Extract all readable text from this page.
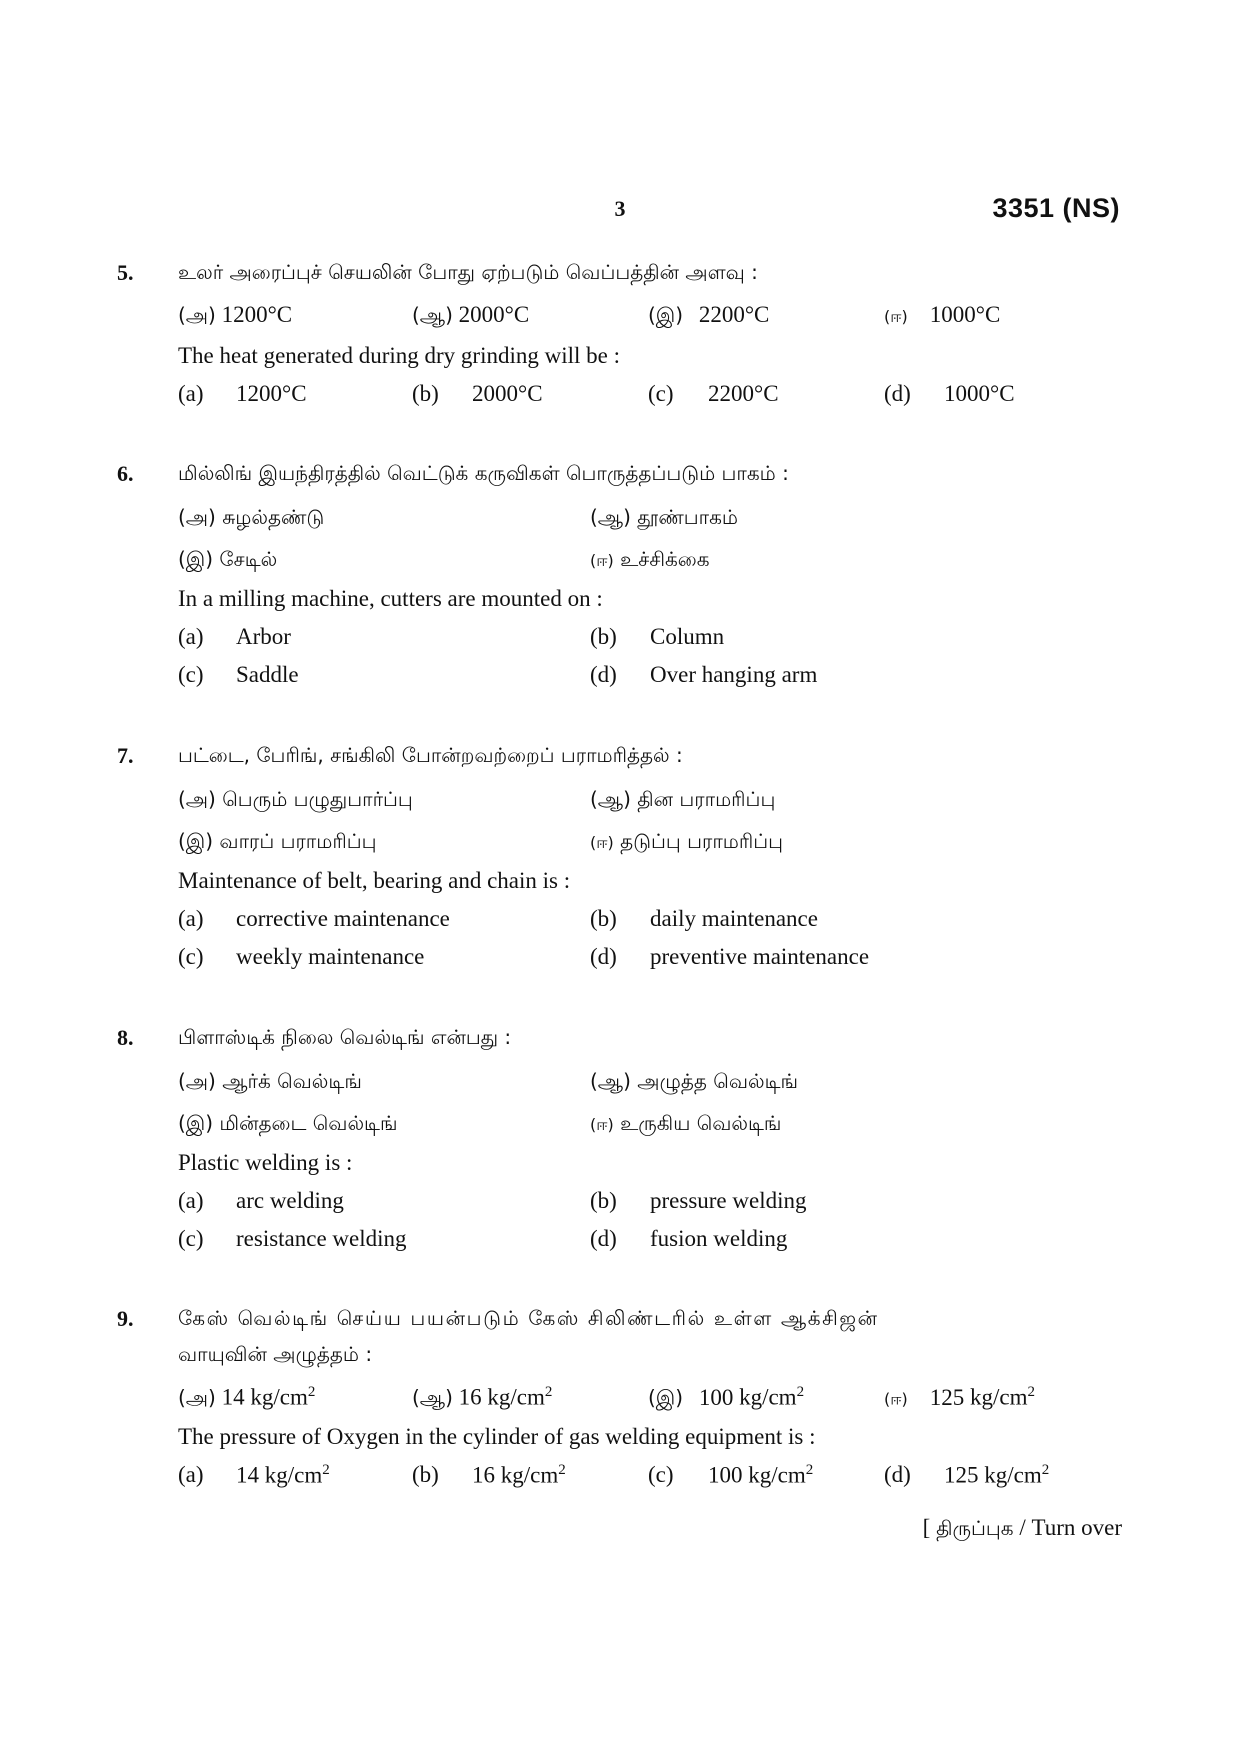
3	3351 (NS)
5. உலர் அரைப்புச் செயலின் போது ஏற்படும் வெப்பத்தின் அளவு :
(அ) 1200°C	(ஆ) 2000°C	(இ) 2200°C	(ஈ) 1000°C
The heat generated during dry grinding will be :
(a) 1200°C	(b) 2000°C	(c) 2200°C	(d) 1000°C
6. மில்லிங் இயந்திரத்தில் வெட்டுக் கருவிகள் பொருத்தப்படும் பாகம் :
(அ) சுழல்தண்டு	(ஆ) தூண்பாகம்
(இ) சேடில்	(ஈ) உச்சிக்கை
In a milling machine, cutters are mounted on :
(a) Arbor	(b) Column
(c) Saddle	(d) Over hanging arm
7. பட்டை, பேரிங், சங்கிலி போன்றவற்றைப் பராமரித்தல் :
(அ) பெரும் பழுதுபார்ப்பு	(ஆ) தின பராமரிப்பு
(இ) வாரப் பராமரிப்பு	(ஈ) தடுப்பு பராமரிப்பு
Maintenance of belt, bearing and chain is :
(a) corrective maintenance	(b) daily maintenance
(c) weekly maintenance	(d) preventive maintenance
8. பிளாஸ்டிக் நிலை வெல்டிங் என்பது :
(அ) ஆர்க் வெல்டிங்	(ஆ) அழுத்த வெல்டிங்
(இ) மின்தடை வெல்டிங்	(ஈ) உருகிய வெல்டிங்
Plastic welding is :
(a) arc welding	(b) pressure welding
(c) resistance welding	(d) fusion welding
9. கேஸ் வெல்டிங் செய்ய பயன்படும் கேஸ் சிலிண்டரில் உள்ள ஆக்சிஜன்
வாயுவின் அழுத்தம் :
(அ) 14 $kg/cm^2$	(ஆ) 16 $kg/cm^2$	(இ) 100 $kg/cm^2$	(ஈ) 125 $kg/cm^2$
The pressure of Oxygen in the cylinder of gas welding equipment is :
(a) 14 $kg/cm^2$	(b) 16 $kg/cm^2$	(c) 100 $kg/cm^2$	(d) 125 $kg/cm^2$
[ திருப்புக / Turn over
